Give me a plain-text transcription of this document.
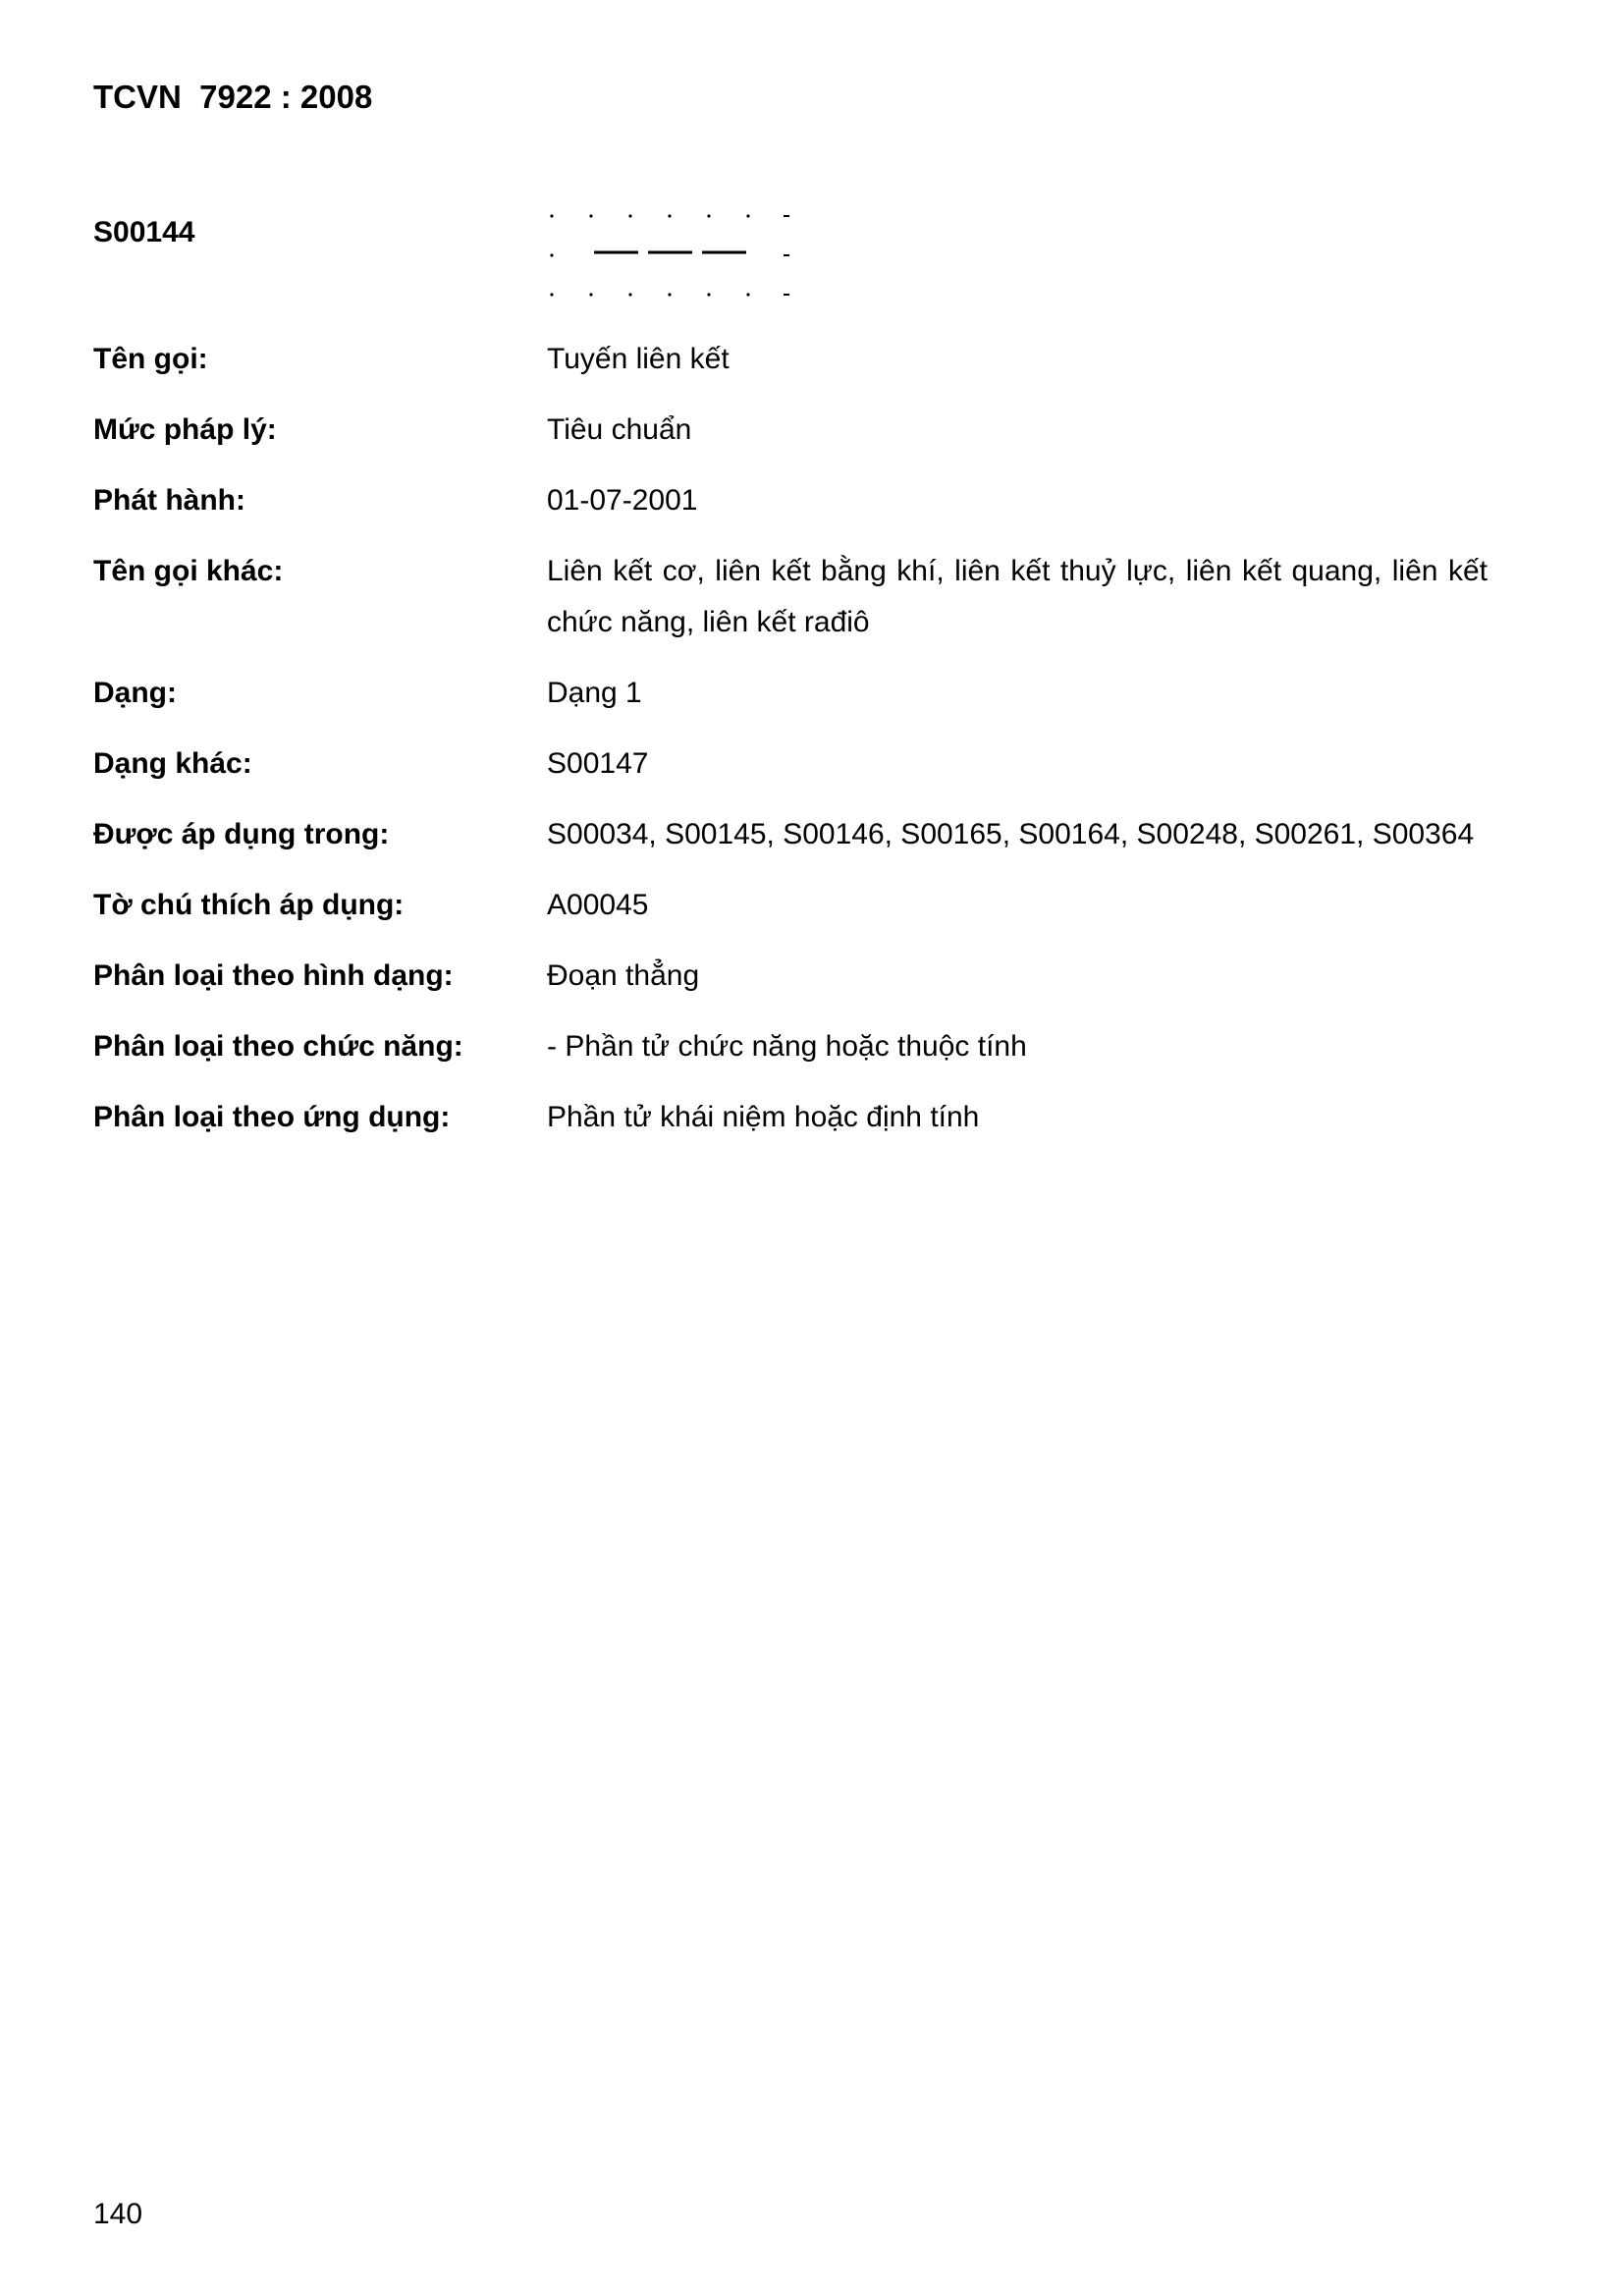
TCVN  7922 : 2008
S00144
Tên gọi:	Tuyến liên kết
Mức pháp lý:	Tiêu chuẩn
Phát hành:	01-07-2001
Tên gọi khác:	Liên kết cơ, liên kết bằng khí, liên kết thuỷ lực, liên kết quang, liên kết chức năng, liên kết rađiô
Dạng:	Dạng 1
Dạng khác:	S00147
Được áp dụng trong:	S00034, S00145, S00146, S00165, S00164, S00248, S00261, S00364
Tờ chú thích áp dụng:	A00045
Phân loại theo hình dạng:	Đoạn thẳng
Phân loại theo chức năng:	- Phần tử chức năng hoặc thuộc tính
Phân loại theo ứng dụng:	Phần tử khái niệm hoặc định tính
140
